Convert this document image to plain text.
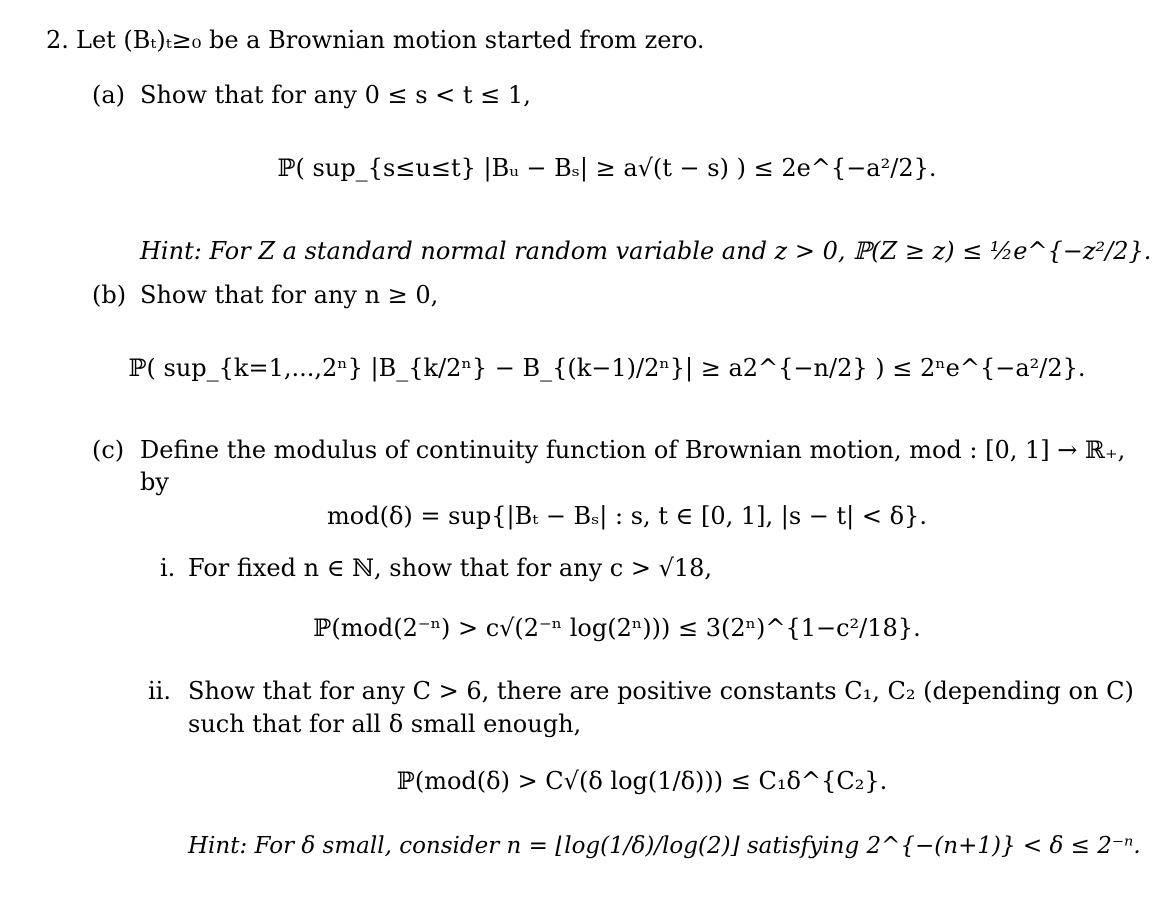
2. Let (Bₜ)ₜ≥₀ be a Brownian motion started from zero.
(a) Show that for any 0 ≤ s < t ≤ 1,
ℙ( sup_{s≤u≤t} |Bᵤ − Bₛ| ≥ a√(t − s) ) ≤ 2e^{−a²/2}.
Hint: For Z a standard normal random variable and z > 0, ℙ(Z ≥ z) ≤ ½e^{−z²/2}.
(b) Show that for any n ≥ 0,
ℙ( sup_{k=1,...,2ⁿ} |B_{k/2ⁿ} − B_{(k−1)/2ⁿ}| ≥ a2^{−n/2} ) ≤ 2ⁿe^{−a²/2}.
(c) Define the modulus of continuity function of Brownian motion, mod : [0, 1] → ℝ₊,
by
mod(δ) = sup{|Bₜ − Bₛ| : s, t ∈ [0, 1], |s − t| < δ}.
i. For fixed n ∈ ℕ, show that for any c > √18,
ℙ(mod(2⁻ⁿ) > c√(2⁻ⁿ log(2ⁿ))) ≤ 3(2ⁿ)^{1−c²/18}.
ii. Show that for any C > 6, there are positive constants C₁, C₂ (depending on C)
such that for all δ small enough,
ℙ(mod(δ) > C√(δ log(1/δ))) ≤ C₁δ^{C₂}.
Hint: For δ small, consider n = ⌊log(1/δ)/log(2)⌋ satisfying 2^{−(n+1)} < δ ≤ 2⁻ⁿ.
